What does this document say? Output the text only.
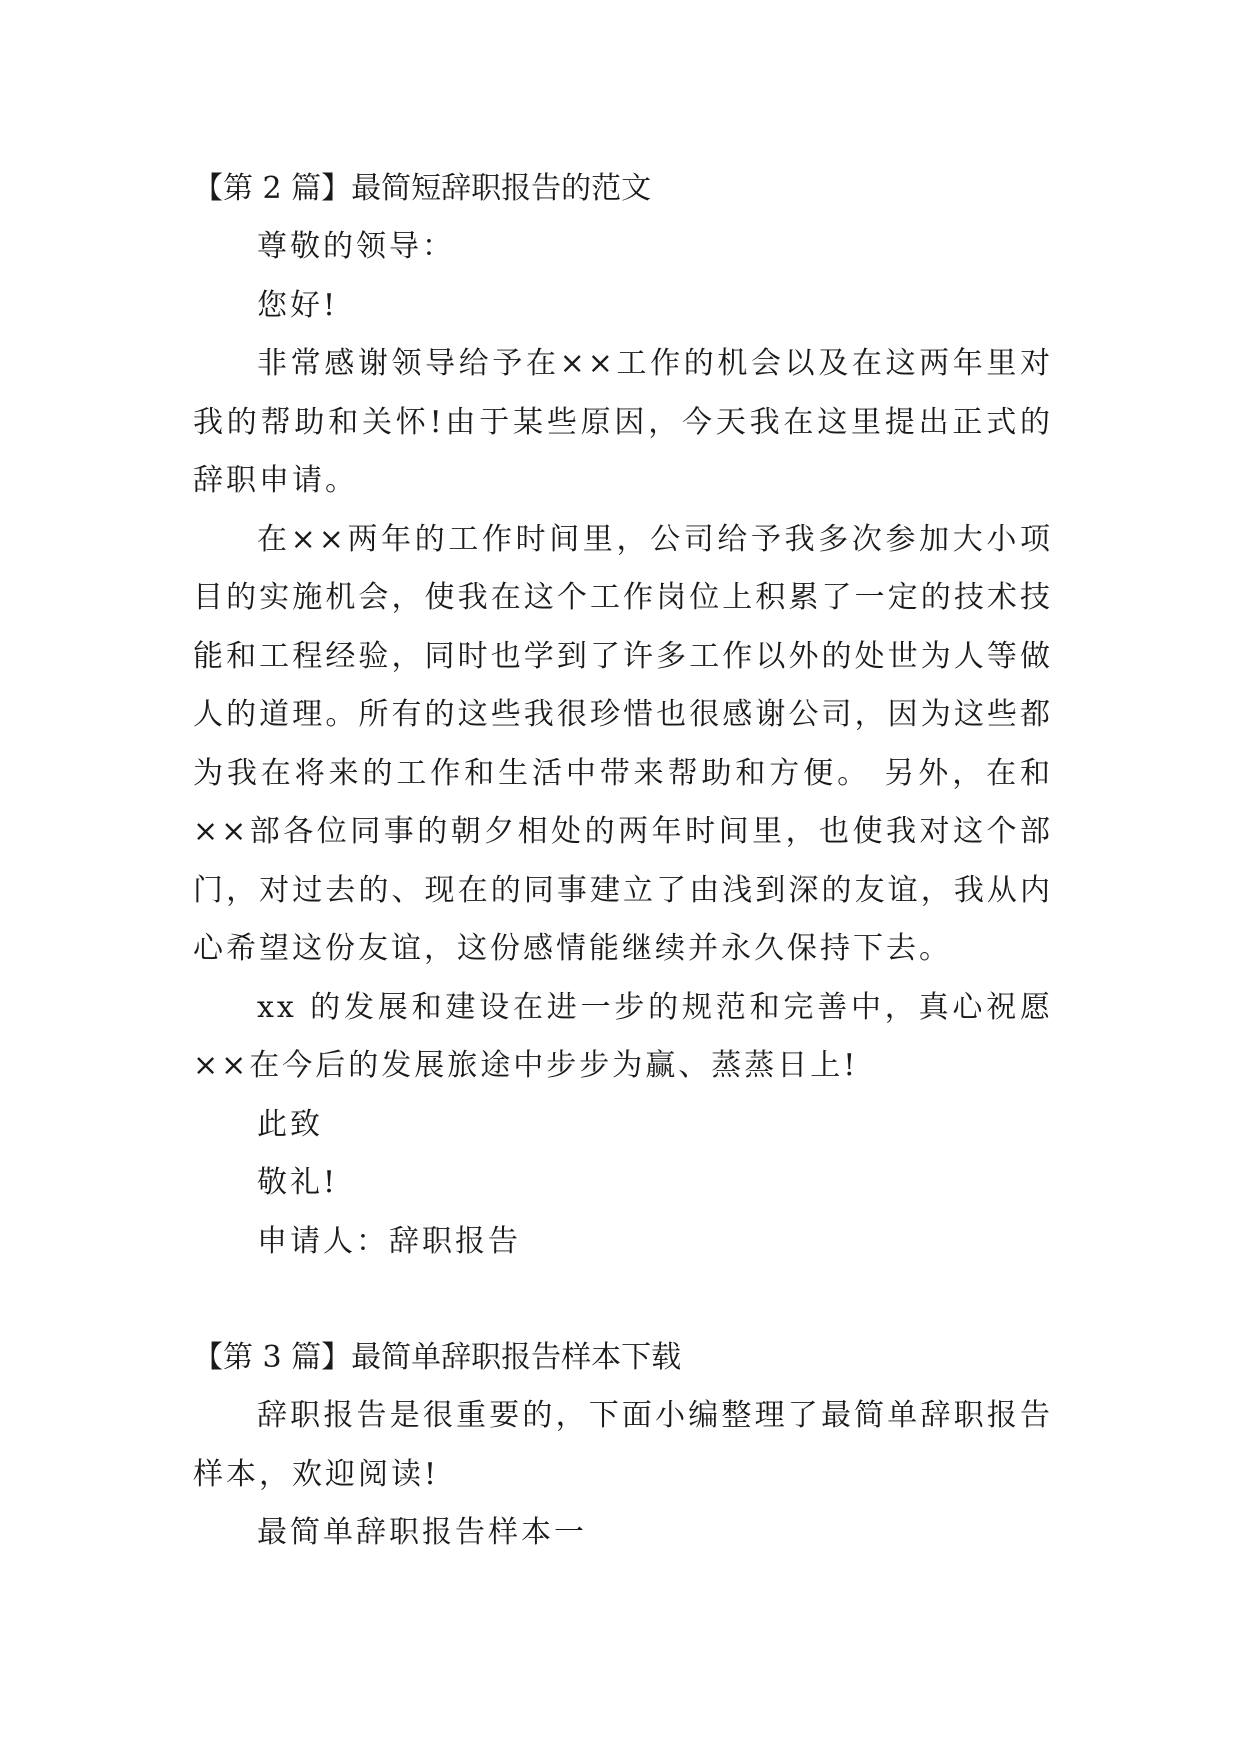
【第 2 篇】最简短辞职报告的范文

尊敬的领导：

您好!

非常感谢领导给予在××工作的机会以及在这两年里对我的帮助和关怀!由于某些原因，今天我在这里提出正式的辞职申请。

在××两年的工作时间里，公司给予我多次参加大小项目的实施机会，使我在这个工作岗位上积累了一定的技术技能和工程经验，同时也学到了许多工作以外的处世为人等做人的道理。所有的这些我很珍惜也很感谢公司，因为这些都为我在将来的工作和生活中带来帮助和方便。 另外，在和××部各位同事的朝夕相处的两年时间里，也使我对这个部门，对过去的、现在的同事建立了由浅到深的友谊，我从内心希望这份友谊，这份感情能继续并永久保持下去。

xx 的发展和建设在进一步的规范和完善中，真心祝愿××在今后的发展旅途中步步为赢、蒸蒸日上!

此致

敬礼!

申请人：辞职报告

【第 3 篇】最简单辞职报告样本下载

辞职报告是很重要的，下面小编整理了最简单辞职报告样本，欢迎阅读!

最简单辞职报告样本一
